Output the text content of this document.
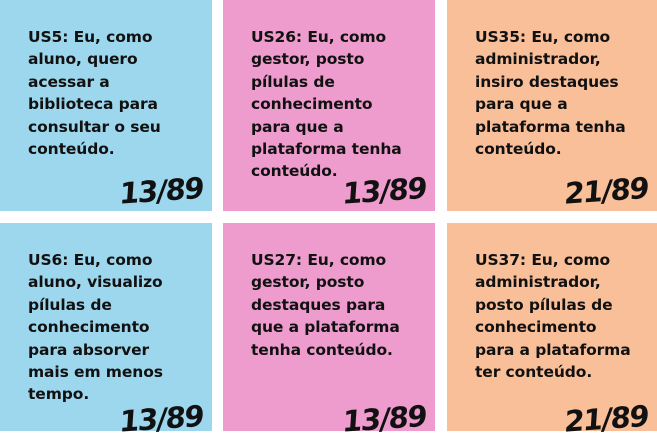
US5: Eu, como
aluno, quero
acessar a
biblioteca para
consultar o seu
conteúdo.

13/89

US26: Eu, como
gestor, posto
pílulas de
conhecimento
para que a
plataforma tenha
conteúdo. 13/89

US35: Eu, como
administrador,
insiro destaques
para que a
plataforma tenha
conteúdo.

21/89

US6: Eu, como
aluno, visualizo
pílulas de
conhecimento
para absorver
mais em menos
tempo.

13/89

US27: Eu, como
gestor, posto
destaques para
que a plataforma
tenha conteúdo.

13/89

US37: Eu, como
administrador,
posto pílulas de
conhecimento
para a plataforma
ter conteúdo.

21/89
